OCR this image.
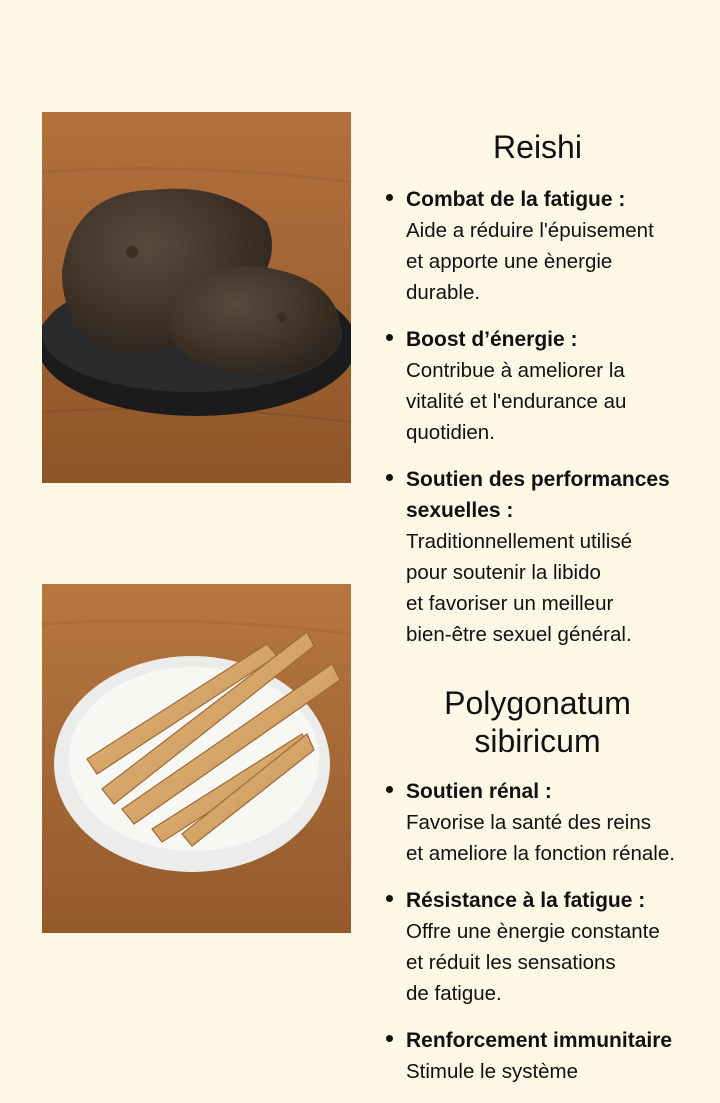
Reishi
Combat de la fatigue :
Aide a réduire l'épuisement
et apporte une ènergie
durable.
Boost d’énergie :
Contribue à ameliorer la
vitalité et l'endurance au
quotidien.
Soutien des performances
sexuelles :
Traditionnellement utilisé
pour soutenir la libido
et favoriser un meilleur
bien-être sexuel général.
Polygonatum
sibiricum
Soutien rénal :
Favorise la santé des reins
et ameliore la fonction rénale.
Résistance à la fatigue :
Offre une ènergie constante
et réduit les sensations
de fatigue.
Renforcement immunitaire
Stimule le système
